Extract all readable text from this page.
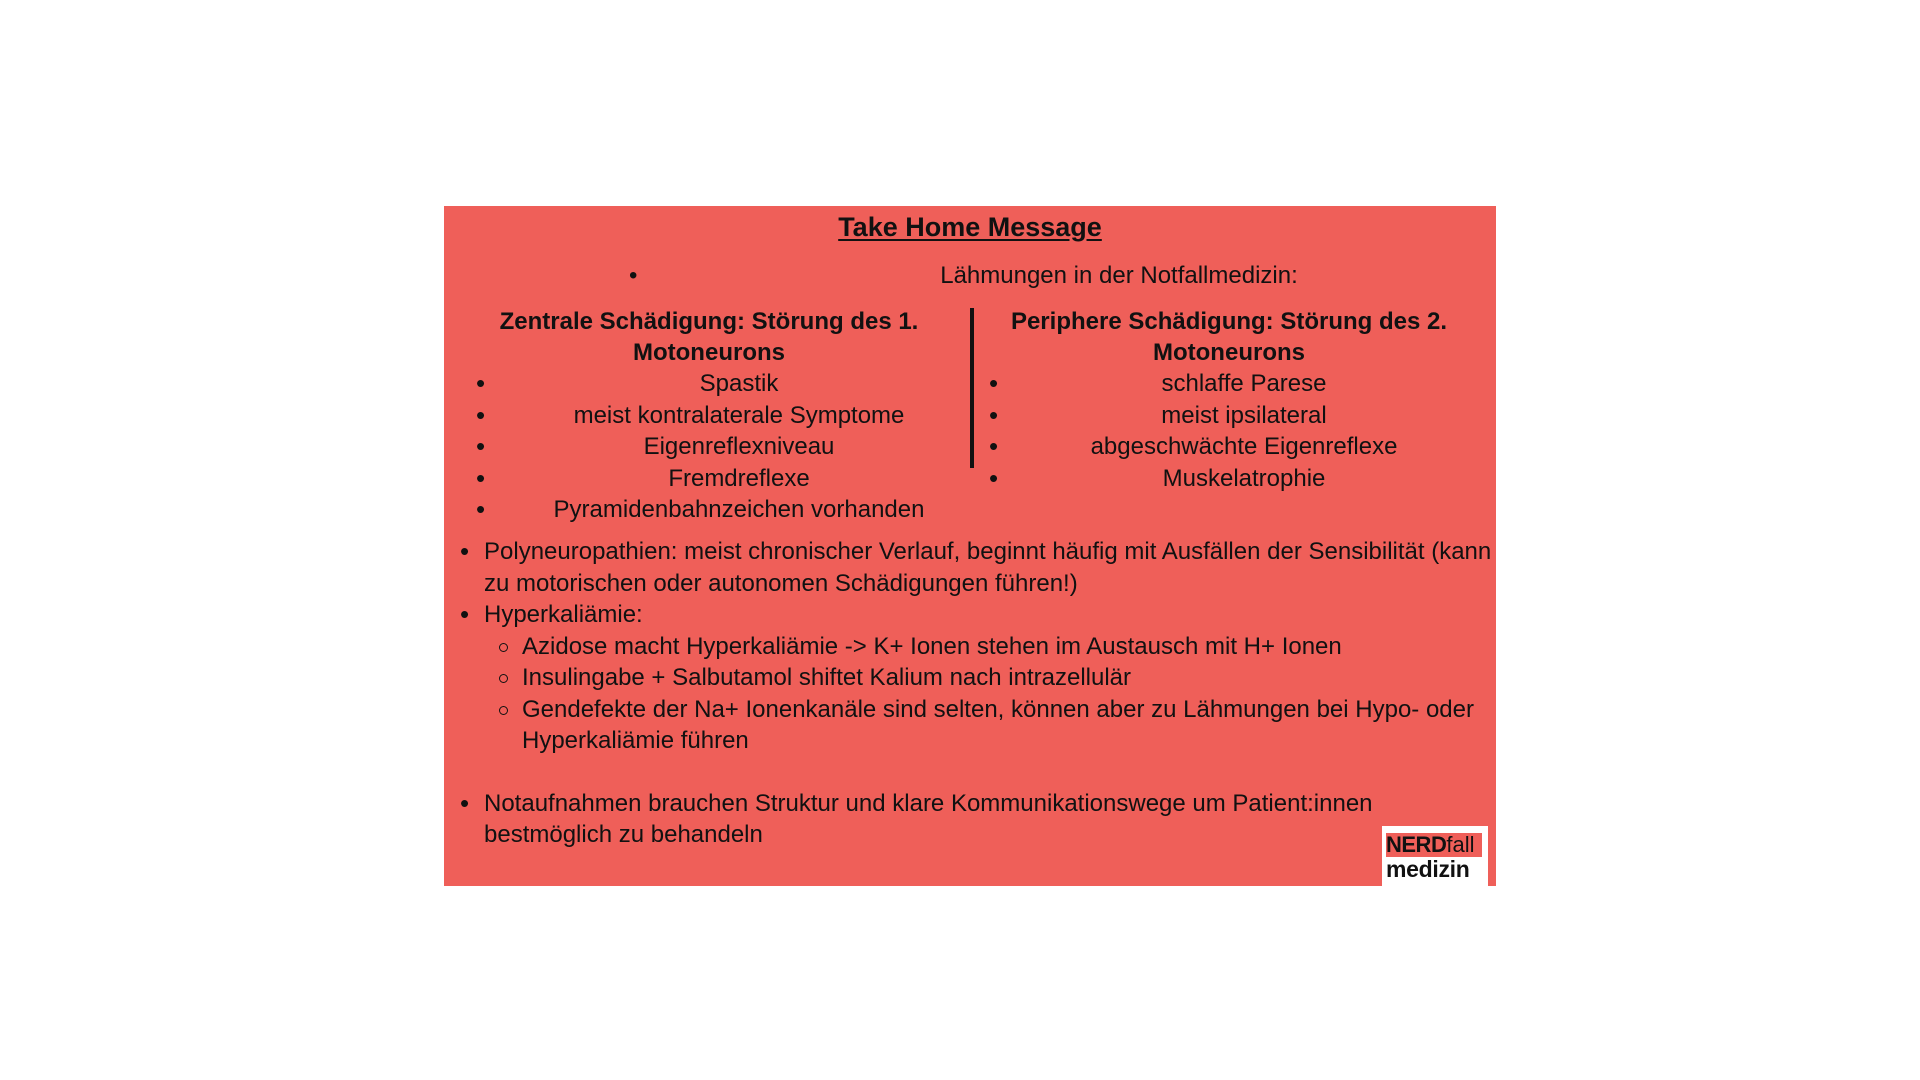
Take Home Message
•	Lähmungen in der Notfallmedizin:
Zentrale Schädigung: Störung des 1. Motoneurons
• Spastik
• meist kontralaterale Symptome
• Eigenreflexniveau
• Fremdreflexe
• Pyramidenbahnzeichen vorhanden
Periphere Schädigung: Störung des 2. Motoneurons
• schlaffe Parese
• meist ipsilateral
• abgeschwächte Eigenreflexe
• Muskelatrophie
• Polyneuropathien: meist chronischer Verlauf, beginnt häufig mit Ausfällen der Sensibilität (kann zu motorischen oder autonomen Schädigungen führen!)
• Hyperkaliämie:
Azidose macht Hyperkaliämie -> K+ Ionen stehen im Austausch mit H+ Ionen
Insulingabe + Salbutamol shiftet Kalium nach intrazellulär
Gendefekte der Na+ Ionenkanäle sind selten, können aber zu Lähmungen bei Hypo- oder Hyperkaliämie führen
• Notaufnahmen brauchen Struktur und klare Kommunikationswege um Patient:innen bestmöglich zu behandeln	NERDfall
medizin
